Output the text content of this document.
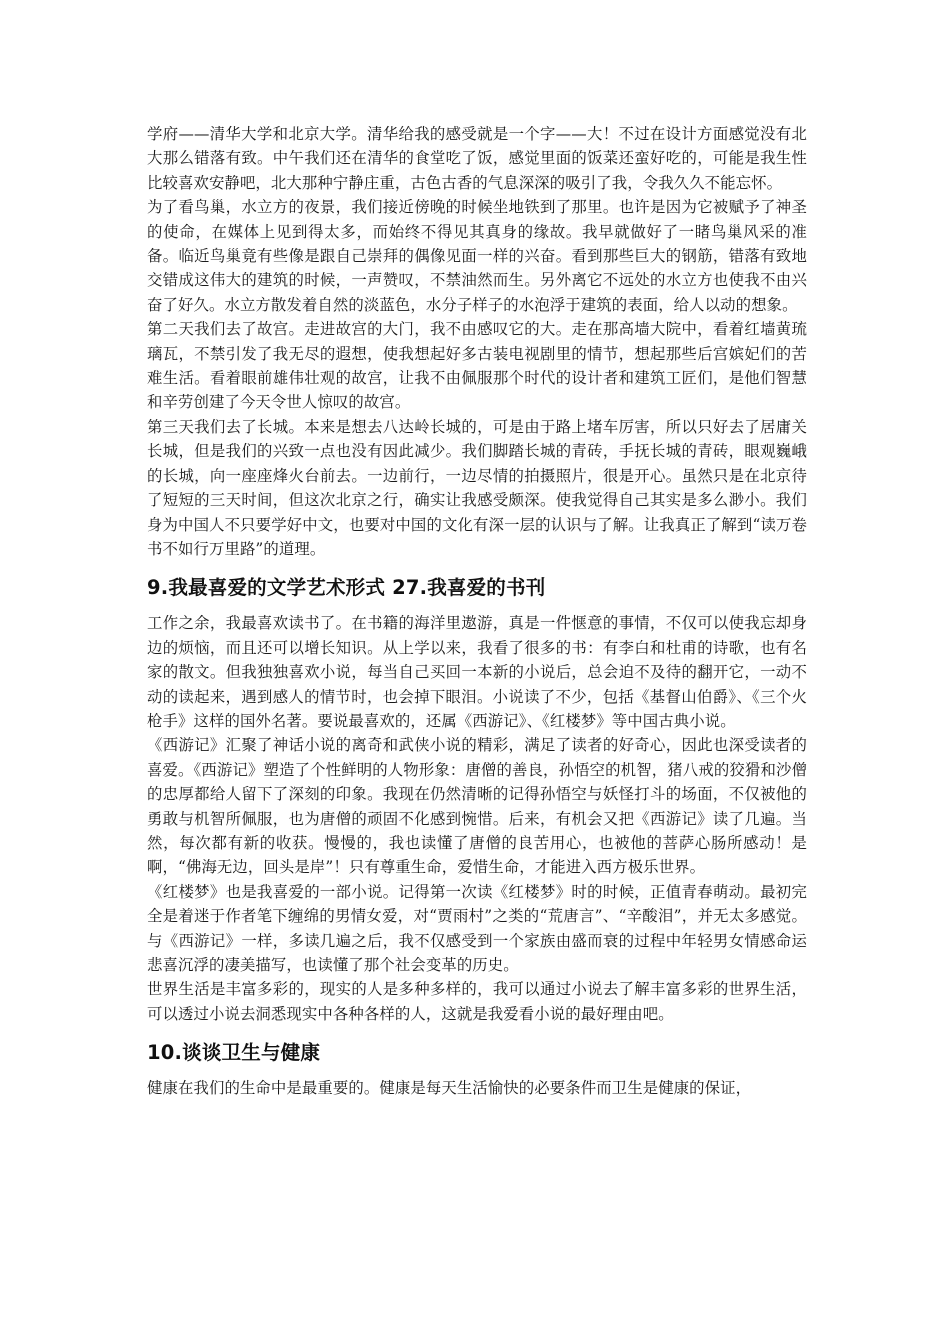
学府——清华大学和北京大学。清华给我的感受就是一个字——大！不过在设计方面感觉没有北大那么错落有致。中午我们还在清华的食堂吃了饭，感觉里面的饭菜还蛮好吃的，可能是我生性比较喜欢安静吧，北大那种宁静庄重，古色古香的气息深深的吸引了我，令我久久不能忘怀。

为了看鸟巢，水立方的夜景，我们接近傍晚的时候坐地铁到了那里。也许是因为它被赋予了神圣的使命，在媒体上见到得太多，而始终不得见其真身的缘故。我早就做好了一睹鸟巢风采的准备。临近鸟巢竟有些像是跟自己崇拜的偶像见面一样的兴奋。看到那些巨大的钢筋，错落有致地交错成这伟大的建筑的时候，一声赞叹，不禁油然而生。另外离它不远处的水立方也使我不由兴奋了好久。水立方散发着自然的淡蓝色，水分子样子的水泡浮于建筑的表面，给人以动的想象。

第二天我们去了故宫。走进故宫的大门，我不由感叹它的大。走在那高墙大院中，看着红墙黄琉璃瓦，不禁引发了我无尽的遐想，使我想起好多古装电视剧里的情节，想起那些后宫嫔妃们的苦难生活。看着眼前雄伟壮观的故宫，让我不由佩服那个时代的设计者和建筑工匠们，是他们智慧和辛劳创建了今天令世人惊叹的故宫。

第三天我们去了长城。本来是想去八达岭长城的，可是由于路上堵车厉害，所以只好去了居庸关长城，但是我们的兴致一点也没有因此减少。我们脚踏长城的青砖，手抚长城的青砖，眼观巍峨的长城，向一座座烽火台前去。一边前行，一边尽情的拍摄照片，很是开心。虽然只是在北京待了短短的三天时间，但这次北京之行，确实让我感受颇深。使我觉得自己其实是多么渺小。我们身为中国人不只要学好中文，也要对中国的文化有深一层的认识与了解。让我真正了解到“读万卷书不如行万里路”的道理。

9.我最喜爱的文学艺术形式 27.我喜爱的书刊

工作之余，我最喜欢读书了。在书籍的海洋里遨游，真是一件惬意的事情，不仅可以使我忘却身边的烦恼，而且还可以增长知识。从上学以来，我看了很多的书：有李白和杜甫的诗歌，也有名家的散文。但我独独喜欢小说，每当自己买回一本新的小说后，总会迫不及待的翻开它，一动不动的读起来，遇到感人的情节时，也会掉下眼泪。小说读了不少，包括《基督山伯爵》、《三个火枪手》这样的国外名著。要说最喜欢的，还属《西游记》、《红楼梦》等中国古典小说。

《西游记》汇聚了神话小说的离奇和武侠小说的精彩，满足了读者的好奇心，因此也深受读者的喜爱。《西游记》塑造了个性鲜明的人物形象：唐僧的善良，孙悟空的机智，猪八戒的狡猾和沙僧的忠厚都给人留下了深刻的印象。我现在仍然清晰的记得孙悟空与妖怪打斗的场面，不仅被他的勇敢与机智所佩服，也为唐僧的顽固不化感到惋惜。后来，有机会又把《西游记》读了几遍。当然，每次都有新的收获。慢慢的，我也读懂了唐僧的良苦用心，也被他的菩萨心肠所感动！是啊，“佛海无边，回头是岸”！只有尊重生命，爱惜生命，才能进入西方极乐世界。

《红楼梦》也是我喜爱的一部小说。记得第一次读《红楼梦》时的时候，正值青春萌动。最初完全是着迷于作者笔下缠绵的男情女爱，对“贾雨村”之类的“荒唐言”、“辛酸泪”，并无太多感觉。与《西游记》一样，多读几遍之后，我不仅感受到一个家族由盛而衰的过程中年轻男女情感命运悲喜沉浮的凄美描写，也读懂了那个社会变革的历史。

世界生活是丰富多彩的，现实的人是多种多样的，我可以通过小说去了解丰富多彩的世界生活，可以透过小说去洞悉现实中各种各样的人，这就是我爱看小说的最好理由吧。

10.谈谈卫生与健康

健康在我们的生命中是最重要的。健康是每天生活愉快的必要条件而卫生是健康的保证，
